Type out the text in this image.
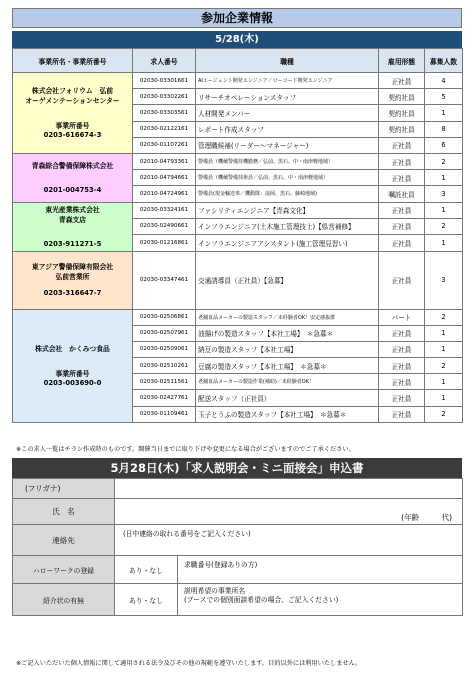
参加企業情報
5/28(木)
事業所名・事業所番号	求人番号	職種	雇用形態	募集人数

株式会社フォリウム　弘前
オーゲメンテーションセンター
事業所番号
0203-616674-3	02030-03301661	AIエージェント開発エンジニア／ローコード開発エンジニア	正社員	4
	02030-03302261	リサーチオペレーションスタッフ	契約社員	5
	02030-03303561	人材開発メンバー	契約社員	1
	02030-02122161	レポート作成スタッフ	契約社員	8
	02030-01107261	管理職候補(リーダー～マネージャー)	正社員	6

青森綜合警備保障株式会社
0201-004753-4	02010-04793361	警備員（機械警備待機勤務／弘前、黒石、中・南津軽地域）	正社員	2
	02010-04794661	警備員（機械警備技術員／弘前、黒石、中・南津軽地域）	正社員	1
	02010-04724961	警備員(現金輸送車／機動隊：浪岡、黒石、藤崎地域)	嘱託社員	3

東光産業株式会社
青森支店
0203-911271-5	02030-03324161	ファシリティエンジニア【青森文化】	正社員	1
	02030-02490661	インフラエンジニア(土木施工管理技士)【県営補修】	正社員	2
	02030-01216861	インフラエンジニアアシスタント(施工管理見習い)	正社員	1

東アジア警備保障有限会社
弘前営業所
0203-316647-7	02030-03347461	交通誘導員（正社員）【急募】	正社員	3

株式会社　かくみつ食品
事業所番号
0203-003690-0	02030-02506861	老舗食品メーカーの製造スタッフ／未経験者OK！安定感抜群	パート	2
	02030-02507961	油揚げの製造スタッフ【本社工場】　＊急募＊	正社員	1
	02030-02509061	納豆の製造スタッフ【本社工場】	正社員	1
	02030-02510261	豆腐の製造スタッフ【本社工場】　＊急募＊	正社員	2
	02030-02511561	老舗食品メーカーの製造作業(補助)／未経験者OK！	正社員	1
	02030-02427761	配送スタッフ（正社員）	正社員	1
	02030-01109461	玉子とうふの製造スタッフ【本社工場】　＊急募＊	正社員	2
※この求人一覧はチラシ作成時のものです。開催当日までに取り下げや変更になる場合がございますのでご了承ください。
5月28日(木)「求人説明会・ミニ面接会」申込書
(フリガナ)		
氏　名	(年齢　　　代)	
連絡先	(日中連絡の取れる番号をご記入ください)	
ハローワークの登録	あり・なし	求職番号(登録ありの方)
紹介状の有無	あり・なし	説明希望の事業所名
(ブースでの個別面談希望の場合、ご記入ください)
※ご記入いただいた個人情報に関して適用される法令及びその他の規範を遵守いたします。目的以外には利用いたしません。
